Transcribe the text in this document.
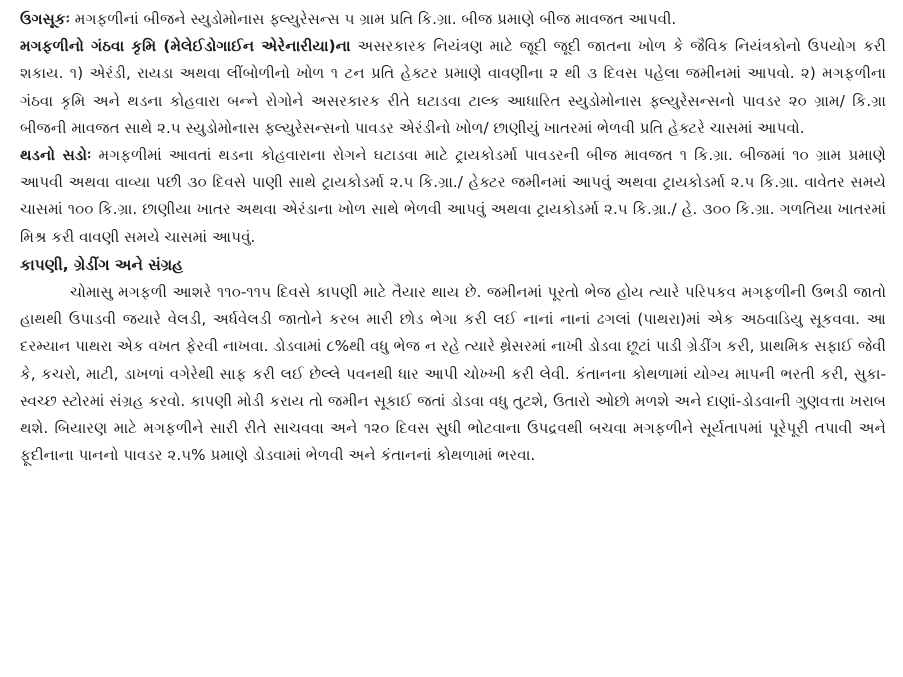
ઉગસૂકઃ મગફળીનાં બીજને સ્યુડોમોનાસ ફ્લ્યુરેસન્સ ૫ ગ્રામ પ્રતિ કિ.ગ્રા. બીજ પ્રમાણે બીજ માવજત આપવી.

મગફળીનો ગંઠવા કૃમિ (મેલેઈડોગાઈન એરેનારીયા)ના અસરકારક નિયંત્રણ માટે જૂદી જૂદી જાતના ખોળ કે જૈવિક નિયંત્રકોનો ઉપયોગ કરી શકાય. ૧) એરંડી, રાયડા અથવા લીંબોળીનો ખોળ ૧ ટન પ્રતિ હેક્ટર પ્રમાણે વાવણીના ૨ થી ૩ દિવસ પહેલા જમીનમાં આપવો. ૨) મગફળીના ગંઠવા કૃમિ અને થડના કોહવારા બન્ને રોગોને અસરકારક રીતે ઘટાડવા ટાલ્ક આધારિત સ્યુડોમોનાસ ફ્લ્યુરેસન્સનો પાવડર ૨૦ ગ્રામ/ કિ.ગ્રા બીજની માવજત સાથે ૨.૫ સ્યુડોમોનાસ ફ્લ્યુરેસન્સનો પાવડર એરંડીનો ખોળ/ છાણીયું ખાતરમાં ભેળવી પ્રતિ હેક્ટરે ચાસમાં આપવો.

થડનો સડોઃ મગફળીમાં આવતાં થડના કોહવારાના રોગને ઘટાડવા માટે ટ્રાયકોડર્મા પાવડરની બીજ માવજત ૧ કિ.ગ્રા. બીજમાં ૧૦ ગ્રામ પ્રમાણે આપવી અથવા વાવ્યા પછી ૩૦ દિવસે પાણી સાથે ટ્રાયકોડર્મા ૨.૫ કિ.ગ્રા./ હેક્ટર જમીનમાં આપવું અથવા ટ્રાયકોડર્મા ૨.૫ કિ.ગ્રા. વાવેતર સમયે ચાસમાં ૧૦૦ કિ.ગ્રા. છાણીયા ખાતર અથવા એરંડાના ખોળ સાથે ભેળવી આપવું અથવા ટ્રાયકોડર્મા ૨.૫ કિ.ગ્રા./ હે. ૩૦૦ કિ.ગ્રા. ગળતિયા ખાતરમાં મિશ્ર કરી વાવણી સમયે ચાસમાં આપવું.

કાપણી, ગ્રેડીંગ અને સંગ્રહ

ચોમાસુ મગફળી આશરે ૧૧૦-૧૧૫ દિવસે કાપણી માટે તૈયાર થાય છે. જમીનમાં પૂરતો ભેજ હોય ત્યારે પરિપકવ મગફળીની ઉભડી જાતો હાથથી ઉપાડવી જયારે વેલડી, અર્ધવેલડી જાતોને કરબ મારી છોડ ભેગા કરી લઈ નાનાં નાનાં ઢગલાં (પાથરા)માં એક અઠવાડિયુ સૂકવવા. આ દરમ્યાન પાથરા એક વખત ફેરવી નાખવા. ડોડવામાં ૮%થી વધુ ભેજ ન રહે ત્યારે થ્રેસરમાં નાખી ડોડવા છૂટાં પાડી ગ્રેડીંગ કરી, પ્રાથમિક સફાઈ જેવી કે, કચરો, માટી, ડાખળાં વગેરેથી સાફ કરી લઈ છેલ્લે પવનથી ધાર આપી ચોખ્ખી કરી લેવી. કંતાનના કોથળામાં યોગ્ય માપની ભરતી કરી, સુકા-સ્વચ્છ સ્ટોરમાં સંગ્રહ કરવો. કાપણી મોડી કરાય તો જમીન સૂકાઈ જતાં ડોડવા વધુ તુટશે, ઉતારો ઓછો મળશે અને દાણાં-ડોડવાની ગુણવત્તા ખરાબ થશે. બિયારણ માટે મગફળીને સારી રીતે સાચવવા અને ૧૨૦ દિવસ સુધી ભોટવાના ઉપદ્રવથી બચવા મગફળીને સૂર્યતાપમાં પૂરેપૂરી તપાવી અને ફૂદીનાના પાનનો પાવડર ૨.૫% પ્રમાણે ડોડવામાં ભેળવી અને કંતાનનાં કોથળામાં ભરવા.
